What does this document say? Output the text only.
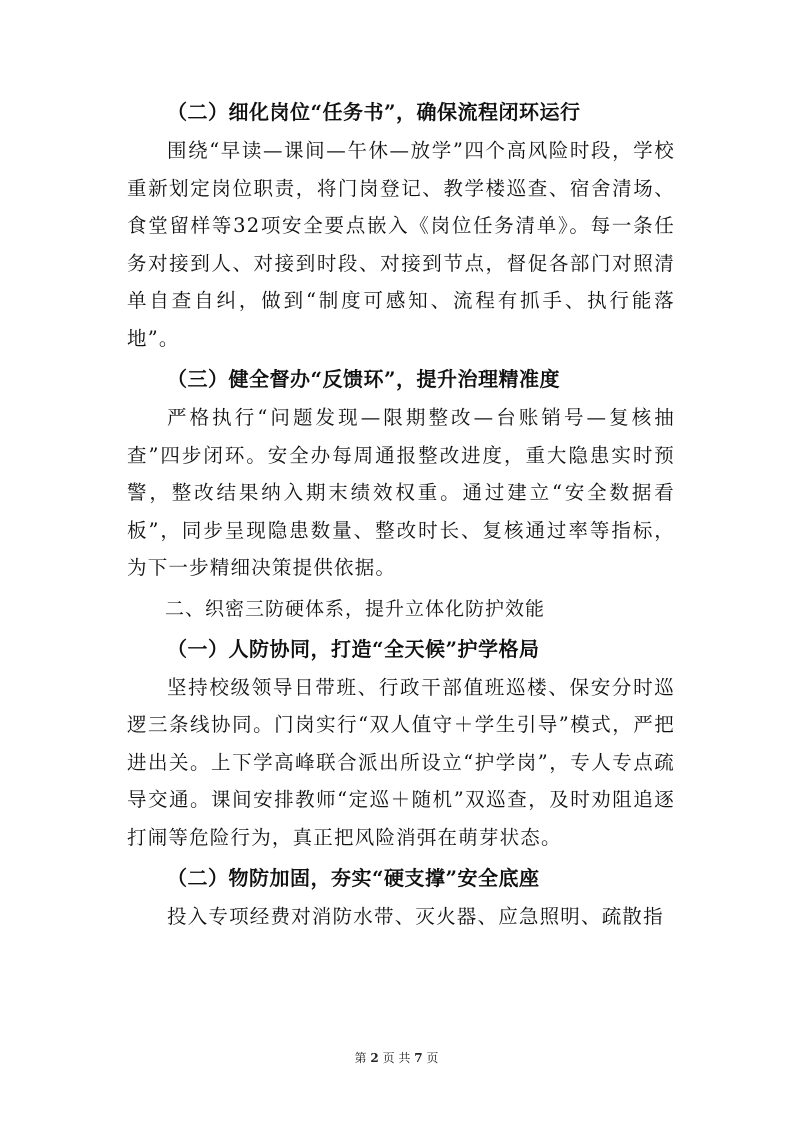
（二）细化岗位“任务书”，确保流程闭环运行

围绕“早读—课间—午休—放学”四个高风险时段，学校重新划定岗位职责，将门岗登记、教学楼巡查、宿舍清场、食堂留样等32项安全要点嵌入《岗位任务清单》。每一条任务对接到人、对接到时段、对接到节点，督促各部门对照清单自查自纠，做到“制度可感知、流程有抓手、执行能落地”。

（三）健全督办“反馈环”，提升治理精准度

严格执行“问题发现—限期整改—台账销号—复核抽查”四步闭环。安全办每周通报整改进度，重大隐患实时预警，整改结果纳入期末绩效权重。通过建立“安全数据看板”，同步呈现隐患数量、整改时长、复核通过率等指标，为下一步精细决策提供依据。

二、织密三防硬体系，提升立体化防护效能

（一）人防协同，打造“全天候”护学格局

坚持校级领导日带班、行政干部值班巡楼、保安分时巡逻三条线协同。门岗实行“双人值守＋学生引导”模式，严把进出关。上下学高峰联合派出所设立“护学岗”，专人专点疏导交通。课间安排教师“定巡＋随机”双巡查，及时劝阻追逐打闹等危险行为，真正把风险消弭在萌芽状态。

（二）物防加固，夯实“硬支撑”安全底座

投入专项经费对消防水带、灭火器、应急照明、疏散指

第 2 页 共 7 页
